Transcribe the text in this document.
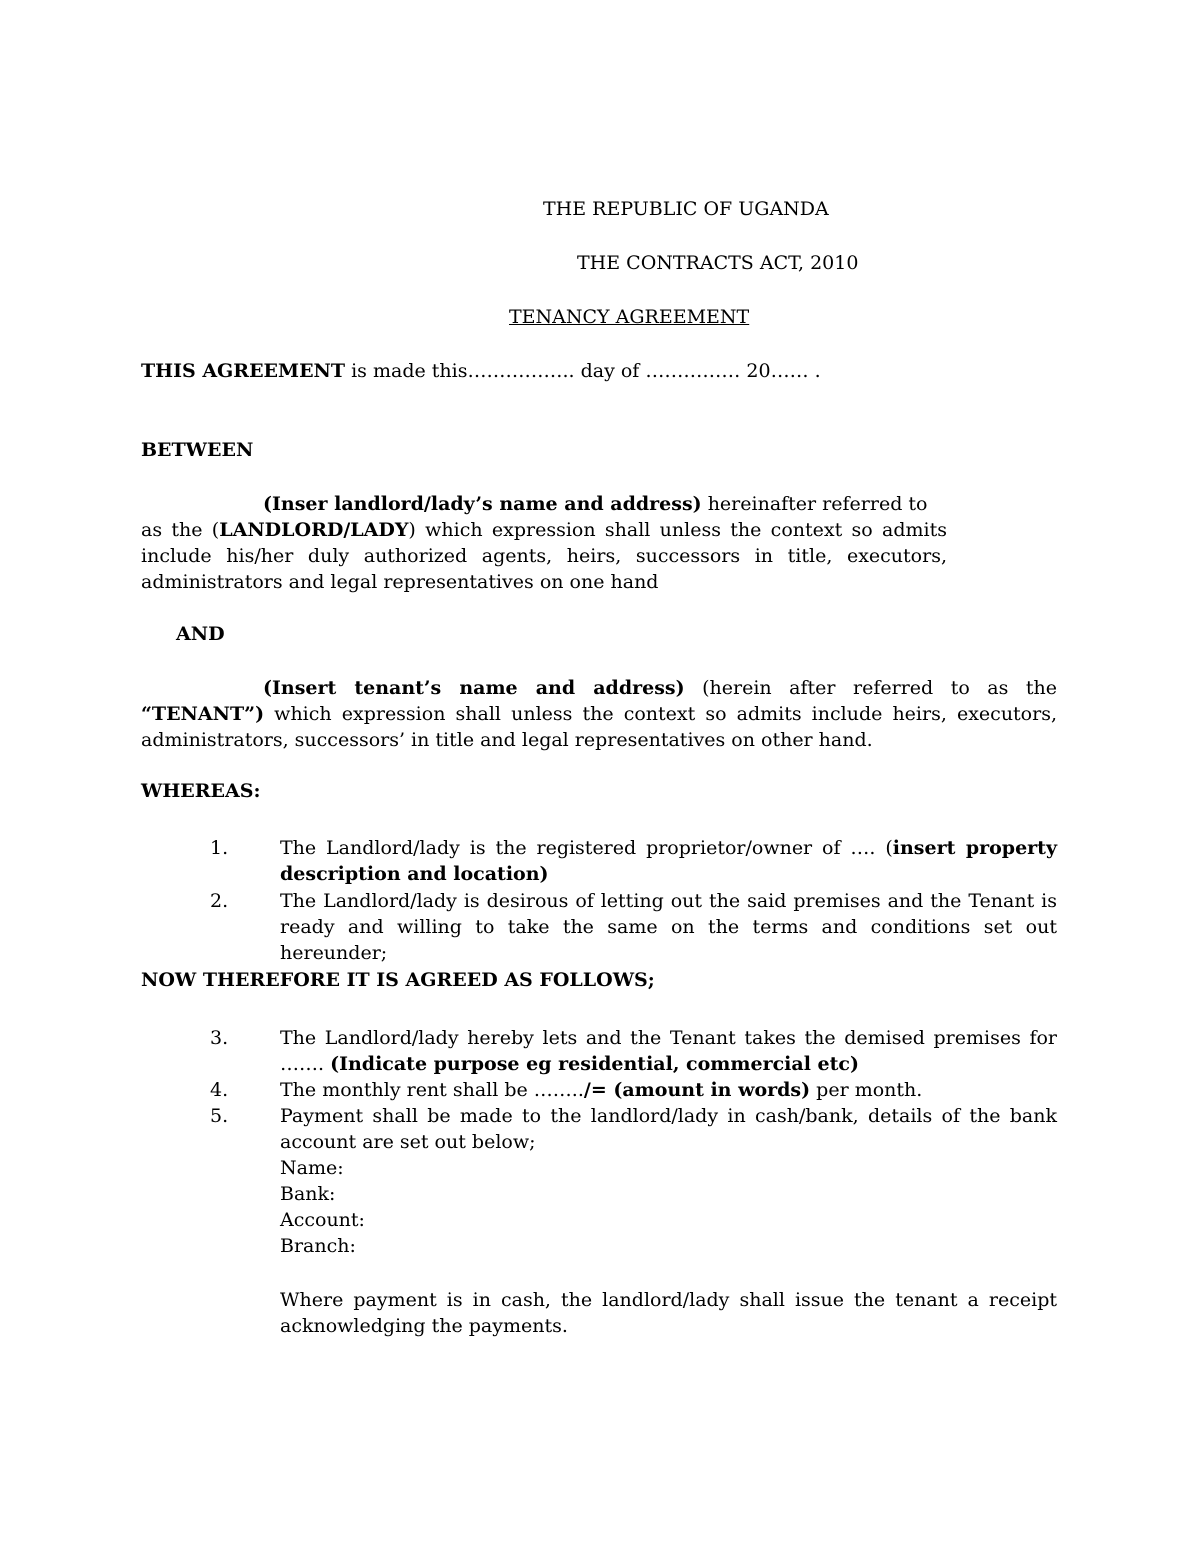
THE REPUBLIC OF UGANDA
THE CONTRACTS ACT, 2010
TENANCY AGREEMENT
THIS AGREEMENT is made this…………….. day of …………… 20…… .
BETWEEN
(Inser landlord/lady’s name and address) hereinafter referred to
as the (LANDLORD/LADY) which expression shall unless the context so admits
include his/her duly authorized agents, heirs, successors in title, executors,
administrators and legal representatives on one hand
AND
(Insert tenant’s name and address) (herein after referred to as the
“TENANT”) which expression shall unless the context so admits include heirs, executors,
administrators, successors’ in title and legal representatives on other hand.
WHEREAS:
1.	The Landlord/lady is the registered proprietor/owner of …. (insert property description and location)
2.	The Landlord/lady is desirous of letting out the said premises and the Tenant is ready and willing to take the same on the terms and conditions set out hereunder;
NOW THEREFORE IT IS AGREED AS FOLLOWS;
3.	The Landlord/lady hereby lets and the Tenant takes the demised premises for
……. (Indicate purpose eg residential, commercial etc)
4.	The monthly rent shall be ……../= (amount in words) per month.
5.	Payment shall be made to the landlord/lady in cash/bank, details of the bank account are set out below;
Name:
Bank:
Account:
Branch:
Where payment is in cash, the landlord/lady shall issue the tenant a receipt acknowledging the payments.
